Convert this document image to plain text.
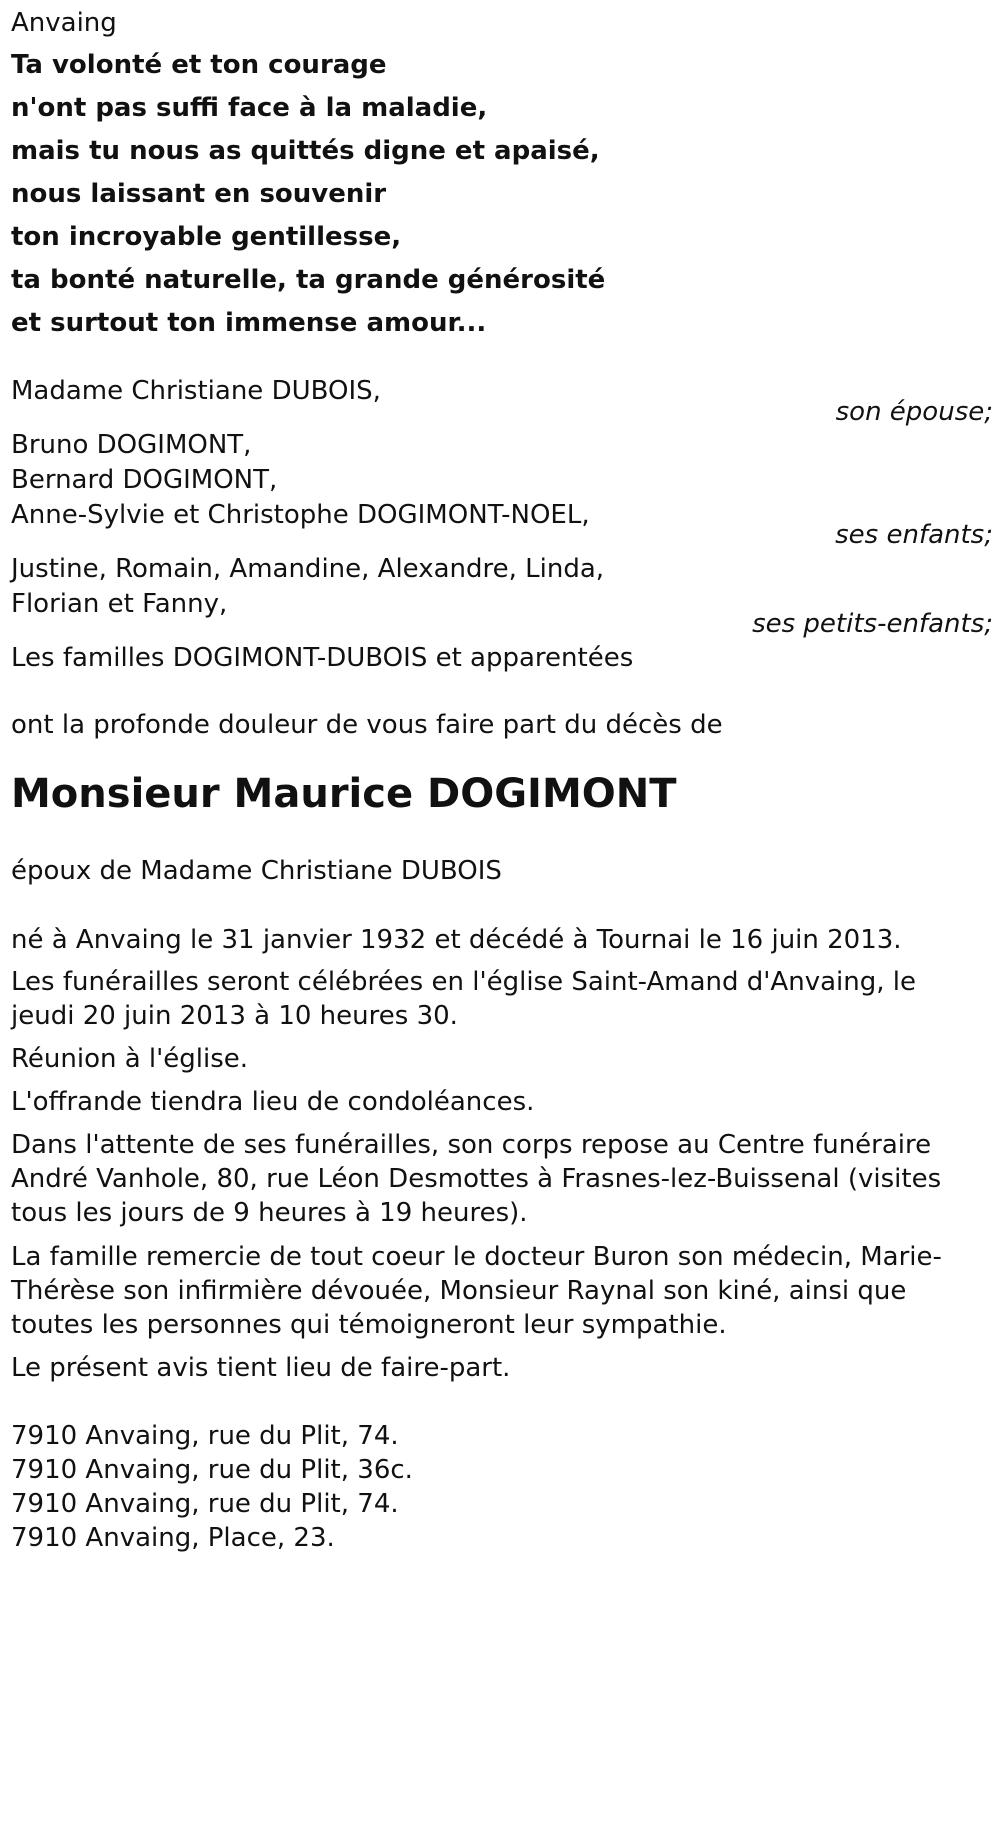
Anvaing
Ta volonté et ton courage
n'ont pas suffi face à la maladie,
mais tu nous as quittés digne et apaisé,
nous laissant en souvenir
ton incroyable gentillesse,
ta bonté naturelle, ta grande générosité
et surtout ton immense amour...
Madame Christiane DUBOIS,
son épouse;
Bruno DOGIMONT,
Bernard DOGIMONT,
Anne-Sylvie et Christophe DOGIMONT-NOEL,
ses enfants;
Justine, Romain, Amandine, Alexandre, Linda,
Florian et Fanny,
ses petits-enfants;
Les familles DOGIMONT-DUBOIS et apparentées
ont la profonde douleur de vous faire part du décès de
Monsieur Maurice DOGIMONT
époux de Madame Christiane DUBOIS
né à Anvaing le 31 janvier 1932 et décédé à Tournai le 16 juin 2013.
Les funérailles seront célébrées en l'église Saint-Amand d'Anvaing, le
jeudi 20 juin 2013 à 10 heures 30.
Réunion à l'église.
L'offrande tiendra lieu de condoléances.
Dans l'attente de ses funérailles, son corps repose au Centre funéraire
André Vanhole, 80, rue Léon Desmottes à Frasnes-lez-Buissenal (visites
tous les jours de 9 heures à 19 heures).
La famille remercie de tout coeur le docteur Buron son médecin, Marie-
Thérèse son infirmière dévouée, Monsieur Raynal son kiné, ainsi que
toutes les personnes qui témoigneront leur sympathie.
Le présent avis tient lieu de faire-part.
7910 Anvaing, rue du Plit, 74.
7910 Anvaing, rue du Plit, 36c.
7910 Anvaing, rue du Plit, 74.
7910 Anvaing, Place, 23.
